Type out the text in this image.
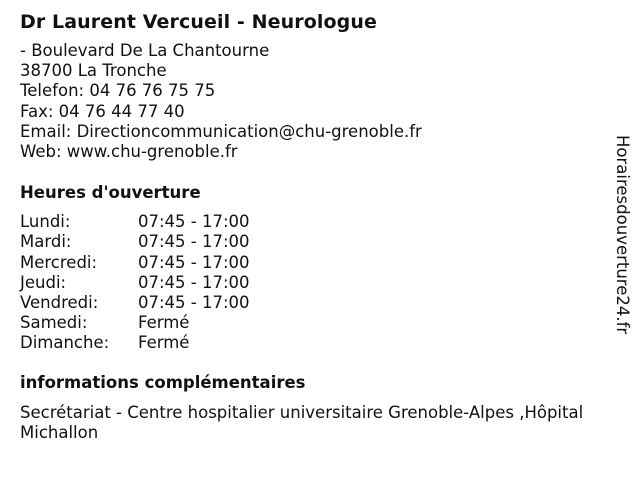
Dr Laurent Vercueil - Neurologue
- Boulevard De La Chantourne
38700 La Tronche
Telefon: 04 76 76 75 75
Fax: 04 76 44 77 40
Email: Directioncommunication@chu-grenoble.fr
Web: www.chu-grenoble.fr
Heures d'ouverture
Lundi:	07:45 - 17:00
Mardi:	07:45 - 17:00
Mercredi: 07:45 - 17:00
Jeudi:	07:45 - 17:00
Vendredi: 07:45 - 17:00
Samedi:	Fermé
Dimanche: Fermé
informations complémentaires
Secrétariat - Centre hospitalier universitaire Grenoble-Alpes ,Hôpital Michallon
Horairesdouverture24.fr
